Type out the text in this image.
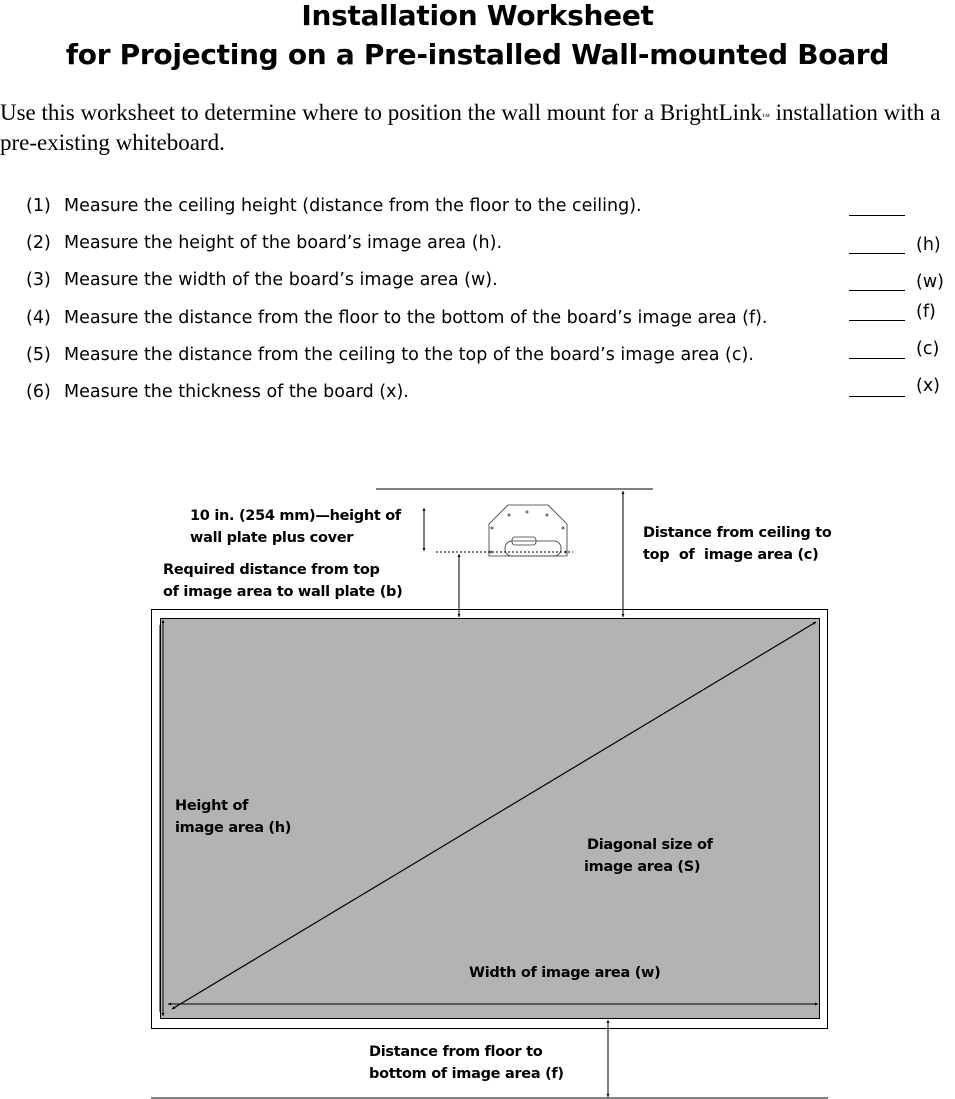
Installation Worksheet
for Projecting on a Pre-installed Wall-mounted Board
Use this worksheet to determine where to position the wall mount for a BrightLink™ installation with a pre-existing whiteboard.
(1) Measure the ceiling height (distance from the floor to the ceiling).
(2) Measure the height of the board’s image area (h).
(3) Measure the width of the board’s image area (w).
(4) Measure the distance from the floor to the bottom of the board’s image area (f).
(5) Measure the distance from the ceiling to the top of the board’s image area (c).
(6) Measure the thickness of the board (x).
(h)
(w)
(f)
(c)
(x)
10 in. (254 mm)—height of
wall plate plus cover
Required distance from top
of image area to wall plate (b)
Distance from ceiling to
top  of  image area (c)
Height of
image area (h)
Diagonal size of
image area (S)
Width of image area (w)
Distance from floor to
bottom of image area (f)
